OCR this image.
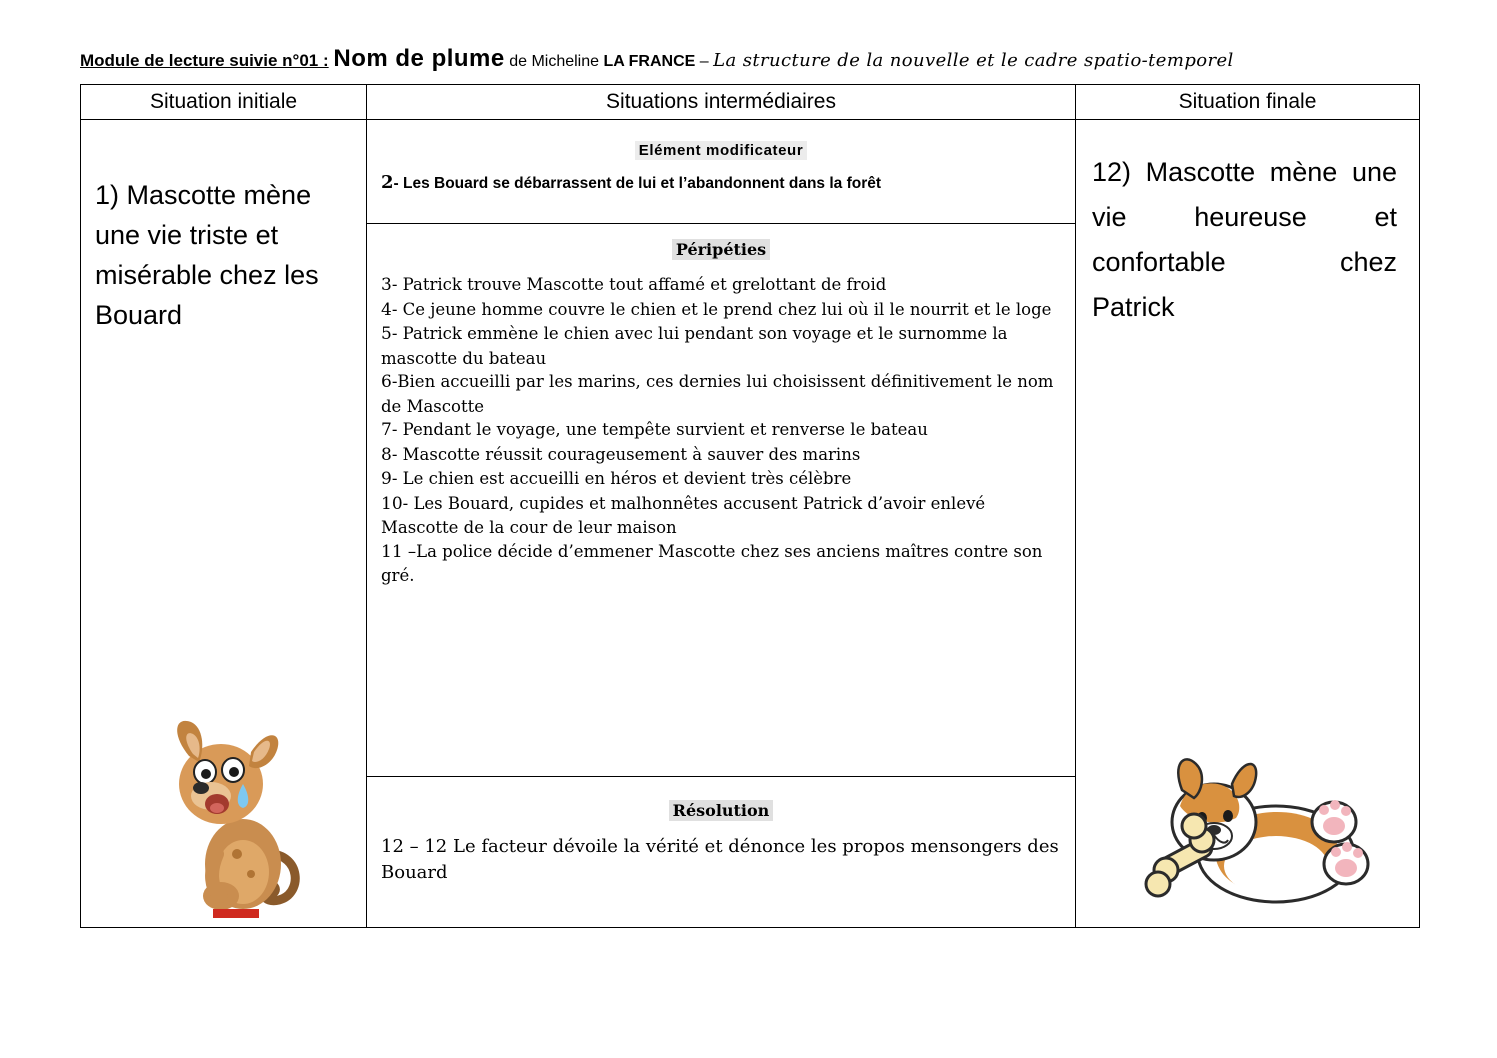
Module de lecture suivie n°01 : Nom de plume de Micheline LA FRANCE – La structure de la nouvelle et le cadre spatio-temporel
Situation initiale	Situations intermédiaires	Situation finale
1) Mascotte mène une vie triste et misérable chez les Bouard
Elément modificateur
2- Les Bouard se débarrassent de lui et l’abandonnent dans la forêt
Péripéties

3- Patrick trouve Mascotte tout affamé et grelottant de froid

4- Ce jeune homme couvre le chien et le prend chez lui où il le nourrit et le loge

5- Patrick emmène le chien avec lui pendant son voyage et le surnomme la mascotte du bateau

6-Bien accueilli par les marins, ces dernies lui choisissent définitivement le nom de Mascotte

7- Pendant le voyage, une tempête survient et renverse le bateau

8- Mascotte réussit courageusement à sauver des marins

9- Le chien est accueilli en héros et devient très célèbre

10- Les Bouard, cupides et malhonnêtes accusent Patrick d’avoir enlevé Mascotte de la cour de leur maison

11 –La police décide d’emmener Mascotte chez ses anciens maîtres contre son gré.

Résolution
12 – 12 Le facteur dévoile la vérité et dénonce les propos mensongers des Bouard
12) Mascotte mène une
vie heureuse et
confortable chez
Patrick
